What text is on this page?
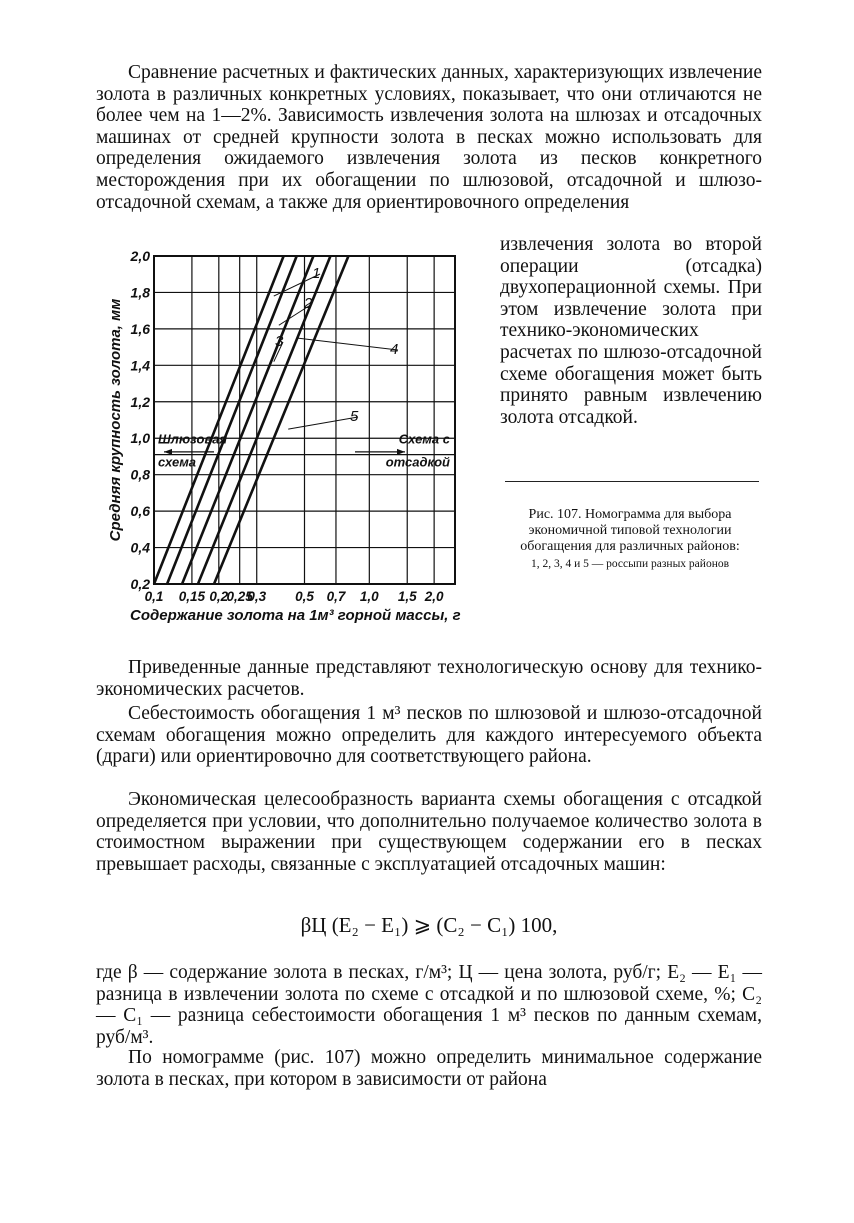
Сравнение расчетных и фактических данных, характеризующих извлечение золота в различных конкретных условиях, показывает, что они отличаются не более чем на 1—2%. Зависимость извлечения золота на шлюзах и отсадочных машинах от средней крупности золота в песках можно использовать для определения ожидаемого извлечения золота из песков конкретного месторождения при их обогащении по шлюзовой, отсадочной и шлюзо-отсадочной схемам, а также для ориентировочного определения

0,2
0,4
0,6
0,8
1,0
1,2
1,4
1,6
1,8
2,0
0,1 0,15 0,2
0,25
0,3 0,5 0,7 1,0 1,5 2,0
1
2
3	4
5
Шлюзовая
схема
Схема с
отсадкой
Средняя крупность золота, мм
Содержание золота на 1м³ горной массы, г

извлечения золота во второй операции (отсадка) двухоперационной схемы. При этом извлечение золота при технико-экономических расчетах по шлюзо-отсадочной схеме обогащения может быть принято равным извлечению золота отсадкой.

Рис. 107. Номограмма для выбора экономичной типовой технологии обогащения для различных районов:
1, 2, 3, 4 и 5 — россыпи разных районов

Приведенные данные представляют технологическую основу для технико-экономических расчетов.

Себестоимость обогащения 1 м³ песков по шлюзовой и шлюзо-отсадочной схемам обогащения можно определить для каждого интересуемого объекта (драги) или ориентировочно для соответствующего района.

Экономическая целесообразность варианта схемы обогащения с отсадкой определяется при условии, что дополнительно получаемое количество золота в стоимостном выражении при существующем содержании его в песках превышает расходы, связанные с эксплуатацией отсадочных машин:

βЦ (E₂ − E₁) ⩾ (C₂ − C₁) 100,

где β — содержание золота в песках, г/м³; Ц — цена золота, руб/г; E₂ — E₁ — разница в извлечении золота по схеме с отсадкой и по шлюзовой схеме, %; C₂ — C₁ — разница себестоимости обогащения 1 м³ песков по данным схемам, руб/м³.

По номограмме (рис. 107) можно определить минимальное содержание золота в песках, при котором в зависимости от района
